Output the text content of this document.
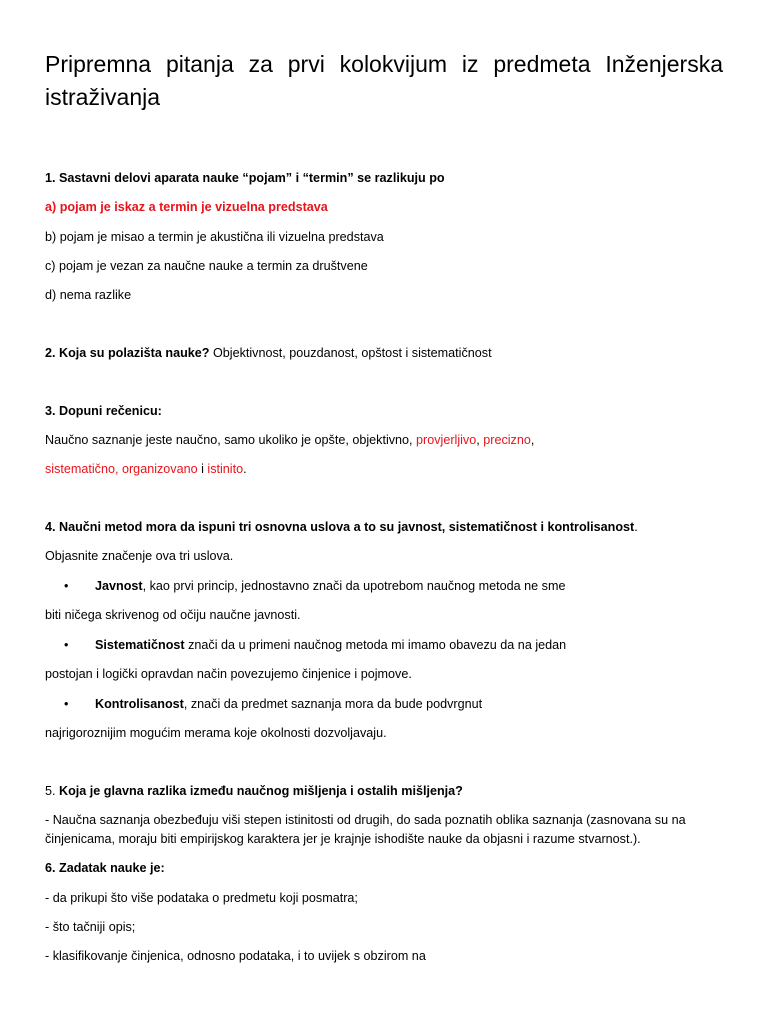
Pripremna pitanja za prvi kolokvijum iz predmeta Inženjerska istraživanja
1. Sastavni delovi aparata nauke “pojam” i “termin” se razlikuju po
a) pojam je iskaz a termin je vizuelna predstava
b) pojam je misao a termin je akustična ili vizuelna predstava
c) pojam je vezan za naučne nauke a termin za društvene
d) nema razlike
2. Koja su polazišta nauke? Objektivnost, pouzdanost, opštost i sistematičnost
3. Dopuni rečenicu:
Naučno saznanje jeste naučno, samo ukoliko je opšte, objektivno, provjerljivo, precizno,
sistematično, organizovano i istinito.
4. Naučni metod mora da ispuni tri osnovna uslova a to su javnost, sistematičnost i kontrolisanost.
Objasnite značenje ova tri uslova.
• Javnost, kao prvi princip, jednostavno znači da upotrebom naučnog metoda ne sme
biti ničega skrivenog od očiju naučne javnosti.
• Sistematičnost znači da u primeni naučnog metoda mi imamo obavezu da na jedan
postojan i logički opravdan način povezujemo činjenice i pojmove.
• Kontrolisanost, znači da predmet saznanja mora da bude podvrgnut
najrigoroznijim mogućim merama koje okolnosti dozvoljavaju.
5. Koja je glavna razlika između naučnog mišljenja i ostalih mišljenja?
- Naučna saznanja obezbeđuju viši stepen istinitosti od drugih, do sada poznatih oblika saznanja (zasnovana su na
činjenicama, moraju biti empirijskog karaktera jer je krajnje ishodište nauke da objasni i razume stvarnost.).
6. Zadatak nauke je:
- da prikupi što više podataka o predmetu koji posmatra;
- što tačniji opis;
- klasifikovanje činjenica, odnosno podataka, i to uvijek s obzirom na
